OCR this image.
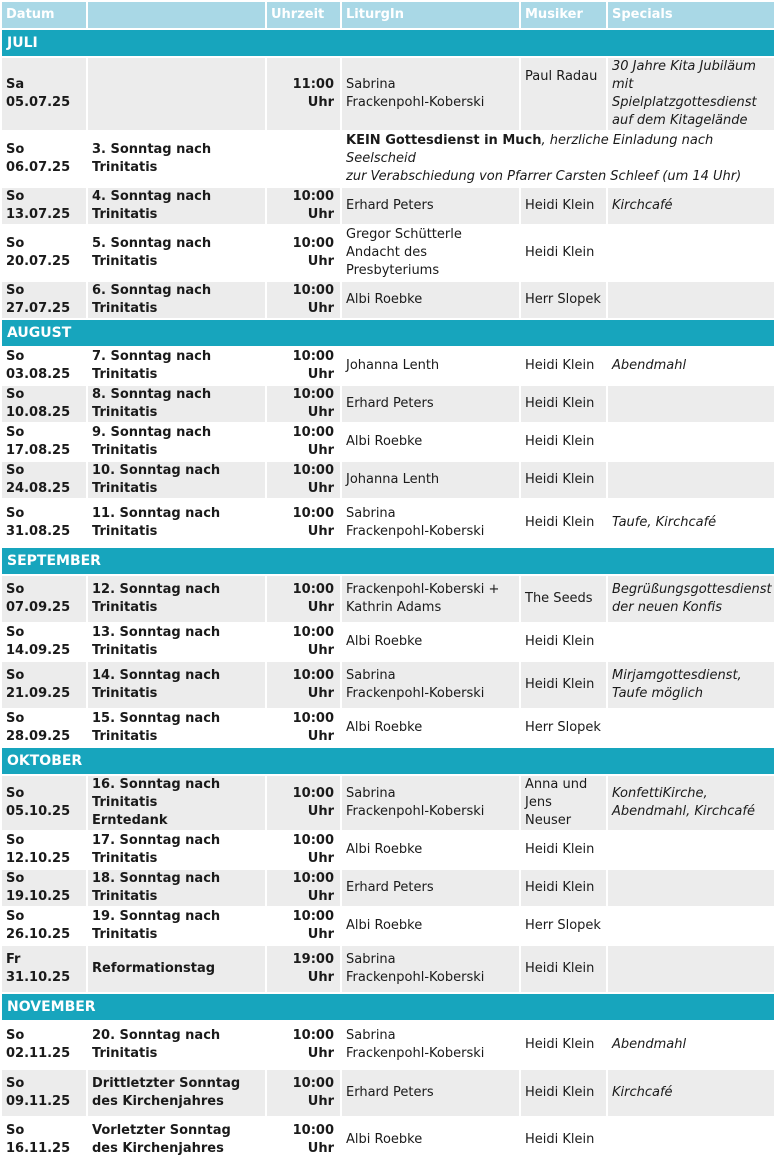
Datum		Uhrzeit	LiturgIn	Musiker	Specials
JULI					
Sa 05.07.25		11:00 Uhr	Sabrina
Frackenpohl-Koberski	Paul Radau	30 Jahre Kita Jubiläum
mit Spielplatzgottesdienst
auf dem Kitagelände
So 06.07.25	3. Sonntag nach Trinitatis		KEIN Gottesdienst in Much, herzliche Einladung nach Seelscheid
zur Verabschiedung von Pfarrer Carsten Schleef (um 14 Uhr)		
So 13.07.25	4. Sonntag nach Trinitatis	10:00 Uhr	Erhard Peters	Heidi Klein	Kirchcafé
So 20.07.25	5. Sonntag nach Trinitatis	10:00 Uhr	Gregor Schütterle
Andacht des Presbyteriums	Heidi Klein	
So 27.07.25	6. Sonntag nach Trinitatis	10:00 Uhr	Albi Roebke	Herr Slopek	
AUGUST					
So 03.08.25	7. Sonntag nach Trinitatis	10:00 Uhr	Johanna Lenth	Heidi Klein	Abendmahl
So 10.08.25	8. Sonntag nach Trinitatis	10:00 Uhr	Erhard Peters	Heidi Klein	
So 17.08.25	9. Sonntag nach Trinitatis	10:00 Uhr	Albi Roebke	Heidi Klein	
So 24.08.25	10. Sonntag nach Trinitatis	10:00 Uhr	Johanna Lenth	Heidi Klein	
So 31.08.25	11. Sonntag nach Trinitatis	10:00 Uhr	Sabrina
Frackenpohl-Koberski	Heidi Klein	Taufe, Kirchcafé
SEPTEMBER					
So 07.09.25	12. Sonntag nach Trinitatis	10:00 Uhr	Frackenpohl-Koberski +
Kathrin Adams	The Seeds	Begrüßungsgottesdienst
der neuen Konfis
So 14.09.25	13. Sonntag nach Trinitatis	10:00 Uhr	Albi Roebke	Heidi Klein	
So 21.09.25	14. Sonntag nach Trinitatis	10:00 Uhr	Sabrina
Frackenpohl-Koberski	Heidi Klein	Mirjamgottesdienst,
Taufe möglich
So 28.09.25	15. Sonntag nach Trinitatis	10:00 Uhr	Albi Roebke	Herr Slopek	
OKTOBER					
So 05.10.25	16. Sonntag nach Trinitatis
Erntedank	10:00 Uhr	Sabrina
Frackenpohl-Koberski	Anna und
Jens Neuser	KonfettiKirche,
Abendmahl, Kirchcafé
So 12.10.25	17. Sonntag nach Trinitatis	10:00 Uhr	Albi Roebke	Heidi Klein	
So 19.10.25	18. Sonntag nach Trinitatis	10:00 Uhr	Erhard Peters	Heidi Klein	
So 26.10.25	19. Sonntag nach Trinitatis	10:00 Uhr	Albi Roebke	Herr Slopek	
Fr 31.10.25	Reformationstag	19:00 Uhr	Sabrina
Frackenpohl-Koberski	Heidi Klein	
NOVEMBER					
So 02.11.25	20. Sonntag nach Trinitatis	10:00 Uhr	Sabrina
Frackenpohl-Koberski	Heidi Klein	Abendmahl
So 09.11.25	Drittletzter Sonntag
des Kirchenjahres	10:00 Uhr	Erhard Peters	Heidi Klein	Kirchcafé
So 16.11.25	Vorletzter Sonntag
des Kirchenjahres	10:00 Uhr	Albi Roebke	Heidi Klein	
